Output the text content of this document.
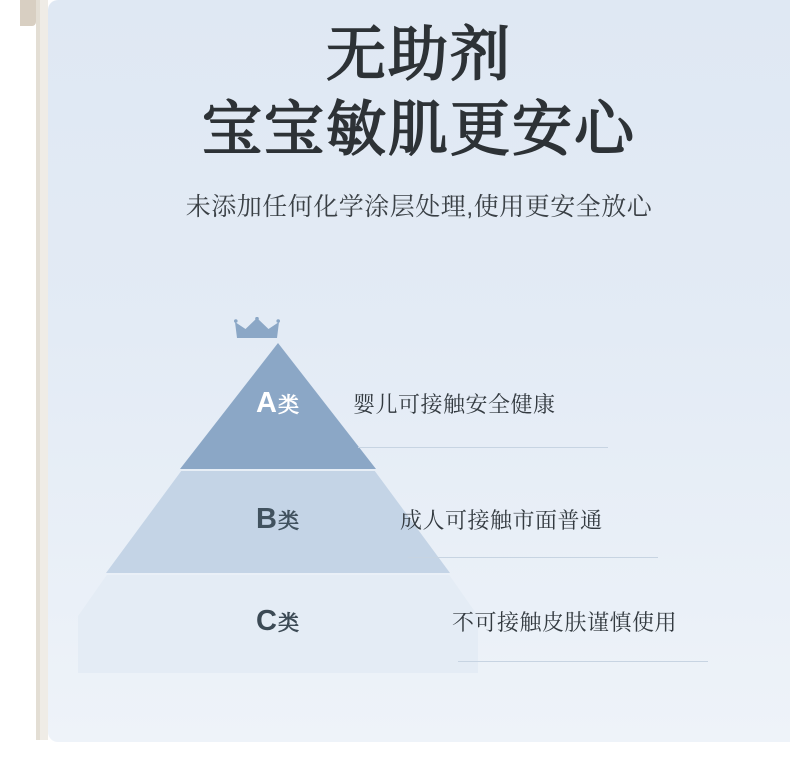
无助剂
宝宝敏肌更安心
未添加任何化学涂层处理,使用更安全放心
A类
B类
C类
婴儿可接触安全健康
成人可接触市面普通
不可接触皮肤谨慎使用
